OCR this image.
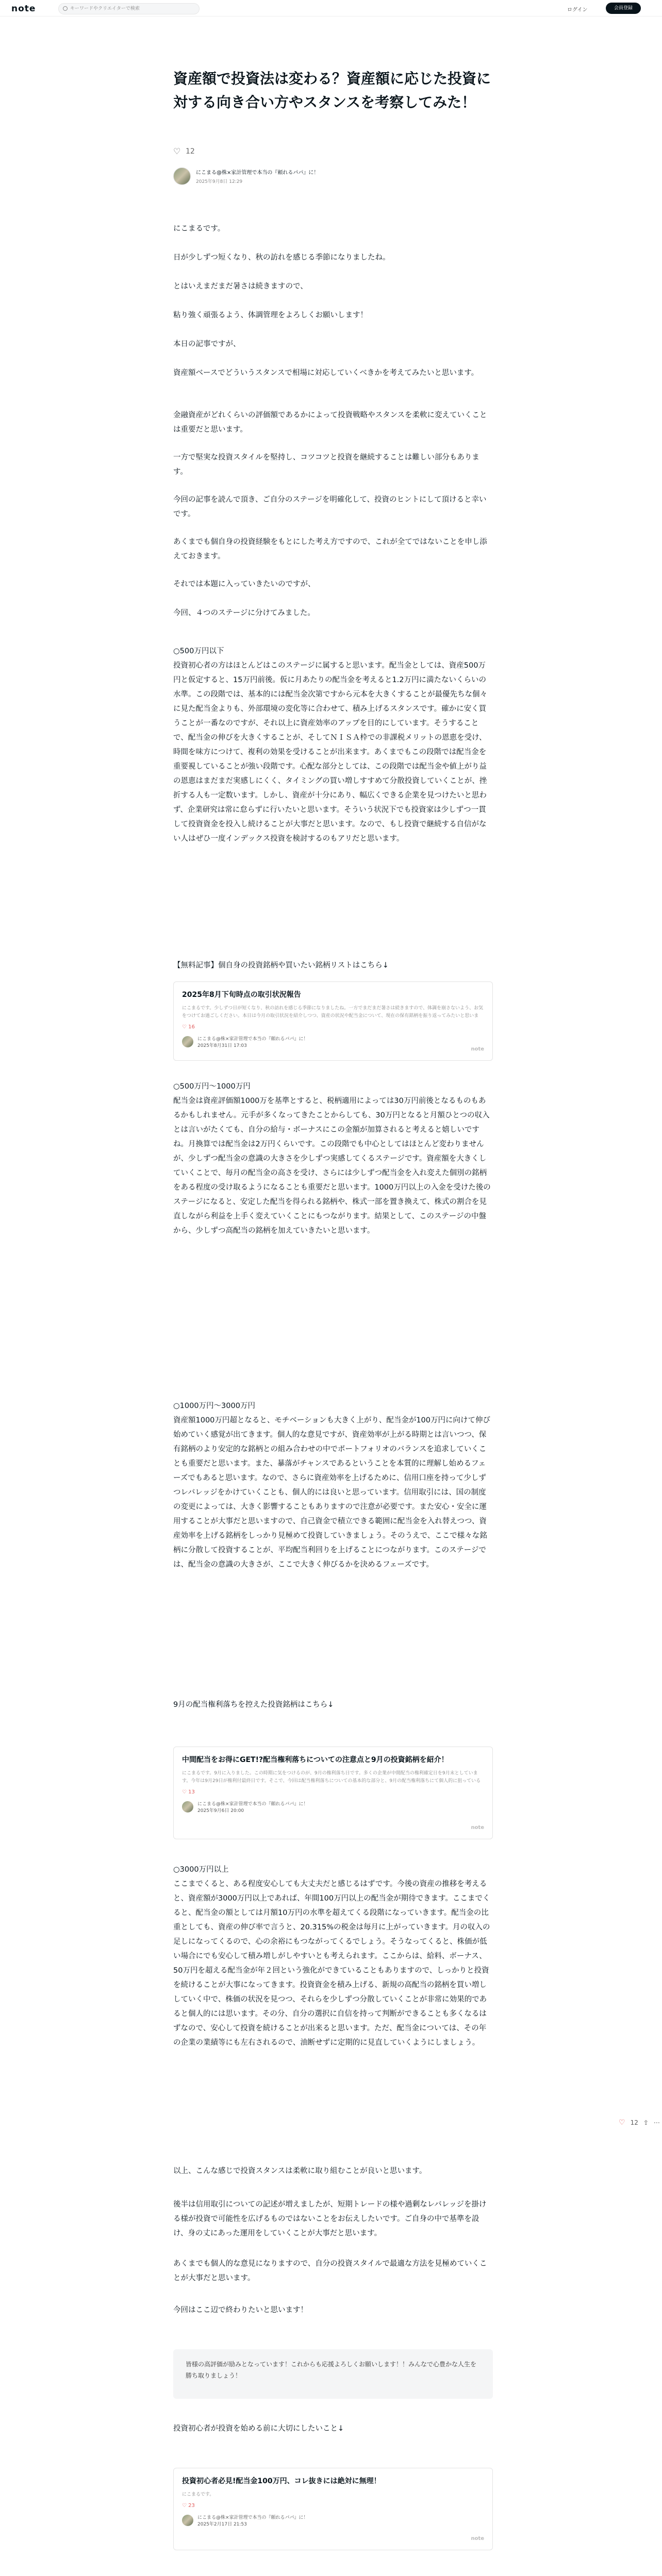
note	キーワードやクリエイターで検索	ログイン	会員登録
♡ 12 ⇪ ⋯
資産額で投資法は変わる？資産額に応じた投資に対する向き合い方やスタンスを考察してみた！
♡ 12
にこまる@株×家計管理で本当の『頼れるパパ』に！
2025年9月8日 12:29

にこまるです。

日が少しずつ短くなり、秋の訪れを感じる季節になりましたね。

とはいえまだまだ暑さは続きますので、

粘り強く頑張るよう、体調管理をよろしくお願いします！

本日の記事ですが、

資産額ベースでどういうスタンスで相場に対応していくべきかを考えてみたいと思います。

金融資産がどれくらいの評価額であるかによって投資戦略やスタンスを柔軟に変えていくことは重要だと思います。

一方で堅実な投資スタイルを堅持し、コツコツと投資を継続することは難しい部分もあります。

今回の記事を読んで頂き、ご自分のステージを明確化して、投資のヒントにして頂けると幸いです。

あくまでも個自身の投資経験をもとにした考え方ですので、これが全てではないことを申し添えておきます。

それでは本題に入っていきたいのですが、

今回、４つのステージに分けてみました。

○500万円以下

投資初心者の方はほとんどはこのステージに属すると思います。配当金としては、資産500万円と仮定すると、15万円前後。仮に月あたりの配当金を考えると1.2万円に満たないくらいの水準。この段階では、基本的には配当金次第ですから元本を大きくすることが最優先ちな個々に見た配当金よりも、外部環境の変化等に合わせて、積み上げるスタンスです。確かに安く買うことが一番なのですが、それ以上に資産効率のアップを目的にしています。そうすることで、配当金の伸びを大きくすることが、そしてＮＩＳＡ枠での非課税メリットの恩恵を受け、時間を味方につけて、複利の効果を受けることが出来ます。あくまでもこの段階では配当金を重要視していることが強い段階です。心配な部分としては、この段階では配当金や値上がり益の恩恵はまだまだ実感しにくく、タイミングの買い増しすすめて分散投資していくことが、挫折する人も一定数います。しかし、資産が十分にあり、幅広くできる企業を見つけたいと思わず、企業研究は常に怠らずに行いたいと思います。そういう状況下でも投資家は少しずつ一貫して投資資金を投入し続けることが大事だと思います。なので、もし投資で継続する自信がない人はぜひ一度インデックス投資を検討するのもアリだと思います。

【無料記事】個自身の投資銘柄や買いたい銘柄リストはこちら↓

2025年8月下旬時点の取引状況報告
にこまるです。少しずつ日が短くなり、秋の訪れを感じる季節になりましたね。一方でまだまだ暑さは続きますので、体調を崩さないよう、お気をつけてお過ごしください。本日は今月の取引状況を紹介しつつ、資産の状況や配当金について、現在の保有銘柄を振り返ってみたいと思いま
♡ 16
にこまる@株×家計管理で本当の『頼れるパパ』に！
2025年8月31日 17:03
note

○500万円〜1000万円

配当金は資産評価額1000万を基準とすると、税柄適用によっては30万円前後となるものもあるかもしれません。元手が多くなってきたことからしても、30万円となると月額ひとつの収入とは言いがたくても、自分の給与・ボーナスにこの金額が加算されると考えると嬉しいですね。月換算では配当金は2万円くらいです。この段階でも中心としてはほとんど変わりませんが、少しずつ配当金の意識の大きさを少しずつ実感してくるステージです。資産額を大きくしていくことで、毎月の配当金の高さを受け、さらには少しずつ配当金を入れ変えた個別の銘柄をある程度の受け取るようになることも重要だと思います。1000万円以上の入金を受けた後のステージになると、安定した配当を得られる銘柄や、株式一部を置き換えて、株式の割合を見直しながら利益を上手く変えていくことにもつながります。結果として、このステージの中盤から、少しずつ高配当の銘柄を加えていきたいと思います。

○1000万円〜3000万円

資産額1000万円超となると、モチベーションも大きく上がり、配当金が100万円に向けて伸び始めていく感覚が出てきます。個人的な意見ですが、資産効率が上がる時期とは言いつつ、保有銘柄のより安定的な銘柄との組み合わせの中でポートフォリオのバランスを追求していくことも重要だと思います。また、暴落がチャンスであるということを本質的に理解し始めるフェーズでもあると思います。なので、さらに資産効率を上げるために、信用口座を持って少しずつレバレッジをかけていくことも、個人的には良いと思っています。信用取引には、国の制度の変更によっては、大きく影響することもありますので注意が必要です。また安心・安全に運用することが大事だと思いますので、自己資金で積立できる範囲に配当金を入れ替えつつ、資産効率を上げる銘柄をしっかり見極めて投資していきましょう。そのうえで、ここで様々な銘柄に分散して投資することが、平均配当利回りを上げることにつながります。このステージでは、配当金の意識の大きさが、ここで大きく伸びるかを決めるフェーズです。

9月の配当権利落ちを控えた投資銘柄はこちら↓

中間配当をお得にGET!?配当権利落ちについての注意点と9月の投資銘柄を紹介！
にこまるです。9月に入りました。この時期に気をつけるのが、9月の権利落ち日です。多くの企業が中間配当の権利確定日を9月末としています。今年は9月29日が権利付最終日です。そこで、今回は配当権利落ちについての基本的な部分と、9月の配当権利落ちにて個人的に狙っている
♡ 13
にこまる@株×家計管理で本当の『頼れるパパ』に！
2025年9月6日 20:00
note

○3000万円以上

ここまでくると、ある程度安心しても大丈夫だと感じるはずです。今後の資産の推移を考えると、資産額が3000万円以上であれば、年間100万円以上の配当金が期待できます。ここまでくると、配当金の額としては月額10万円の水準を超えてくる段階になっていきます。配当金の比重としても、資産の伸び率で言うと、20.315%の税金は毎月に上がっていきます。月の収入の足しになってくるので、心の余裕にもつながってくるでしょう。そうなってくると、株価が低い場合にでも安心して積み増しがしやすいとも考えられます。ここからは、給料、ボーナス、50万円を超える配当金が年２回という強化ができていることもありますので、しっかりと投資を続けることが大事になってきます。投資資金を積み上げる、新規の高配当の銘柄を買い増ししていく中で、株価の状況を見つつ、それらを少しずつ分散していくことが非常に効果的であると個人的には思います。その分、自分の選択に自信を持って判断ができることも多くなるはずなので、安心して投資を続けることが出来ると思います。ただ、配当金については、その年の企業の業績等にも左右されるので、油断せずに定期的に見直していくようにしましょう。

以上、こんな感じで投資スタンスは柔軟に取り組むことが良いと思います。

後半は信用取引についての記述が増えましたが、短期トレードの様や過剰なレバレッジを掛ける様が投資で可能性を広げるものではないことをお伝えしたいです。ご自身の中で基準を設け、身の丈にあった運用をしていくことが大事だと思います。

あくまでも個人的な意見になりますので、自分の投資スタイルで最適な方法を見極めていくことが大事だと思います。

今回はここ辺で終わりたいと思います！

皆様の高評価が励みとなっています！これからも応援よろしくお願いします！！みんなで心豊かな人生を勝ち取りましょう！

投資初心者が投資を始める前に大切にしたいこと↓

投資初心者必見!配当金100万円、コレ抜きには絶対に無理！
にこまるです。
♡ 23
にこまる@株×家計管理で本当の『頼れるパパ』に！
2025年2月17日 21:53
note
